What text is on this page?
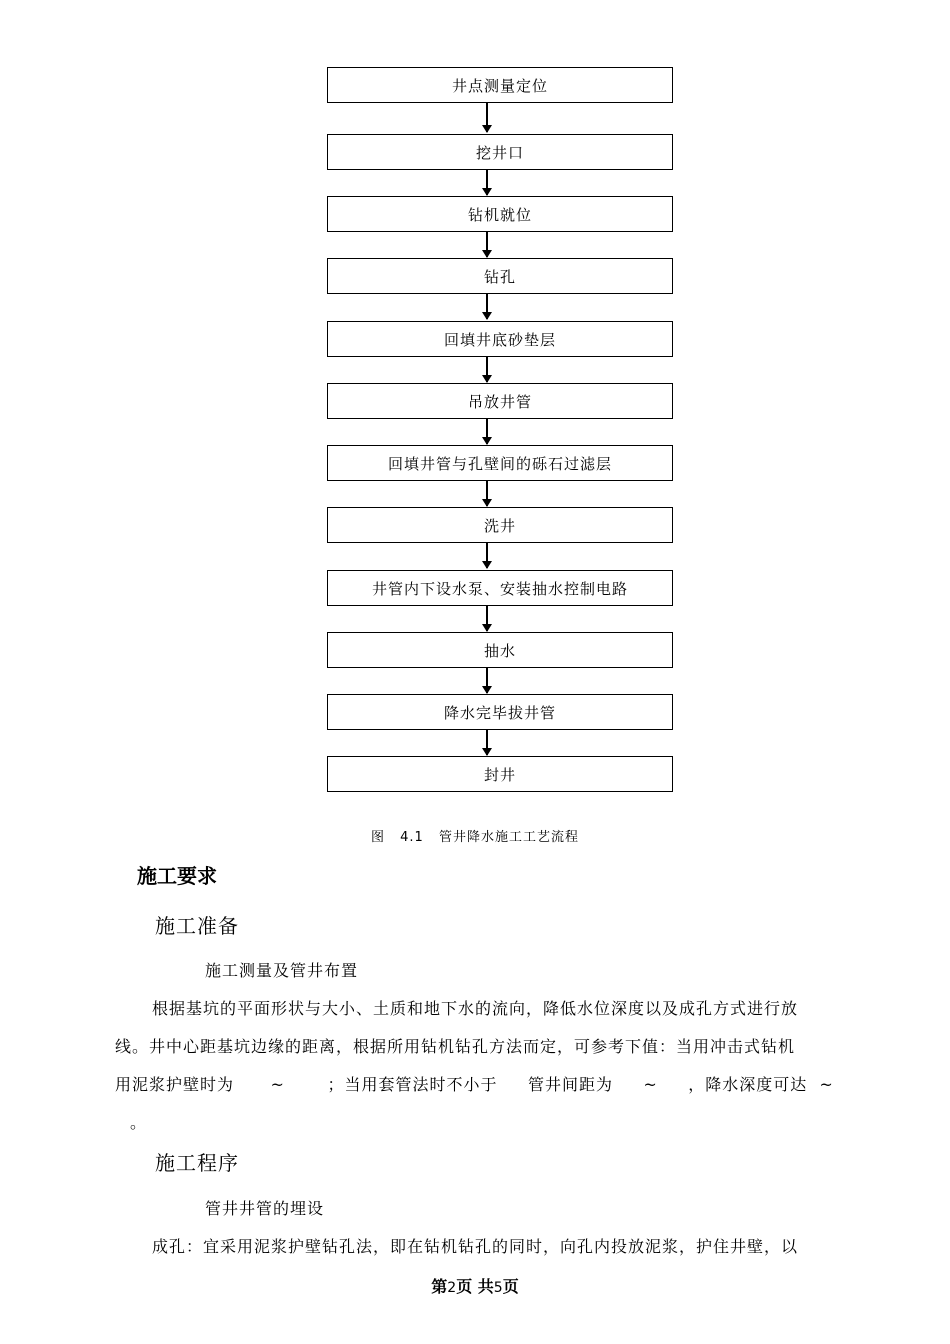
井点测量定位
挖井口
钻机就位
钻孔
回填井底砂垫层
吊放井管
回填井管与孔壁间的砾石过滤层
洗井
井管内下设水泵、安装抽水控制电路
抽水
降水完毕拔井管
封井
图 4.1 管井降水施工工艺流程
施工要求
施工准备
施工测量及管井布置
根据基坑的平面形状与大小、土质和地下水的流向，降低水位深度以及成孔方式进行放
线。井中心距基坑边缘的距离，根据所用钻机钻孔方法而定，可参考下值：当用冲击式钻机
用泥浆护壁时为      ~       ；当用套管法时不小于     管井间距为     ~     ，降水深度可达  ~
。
施工程序
管井井管的埋设
成孔：宜采用泥浆护壁钻孔法，即在钻机钻孔的同时，向孔内投放泥浆，护住井壁，以
第2页 共5页
